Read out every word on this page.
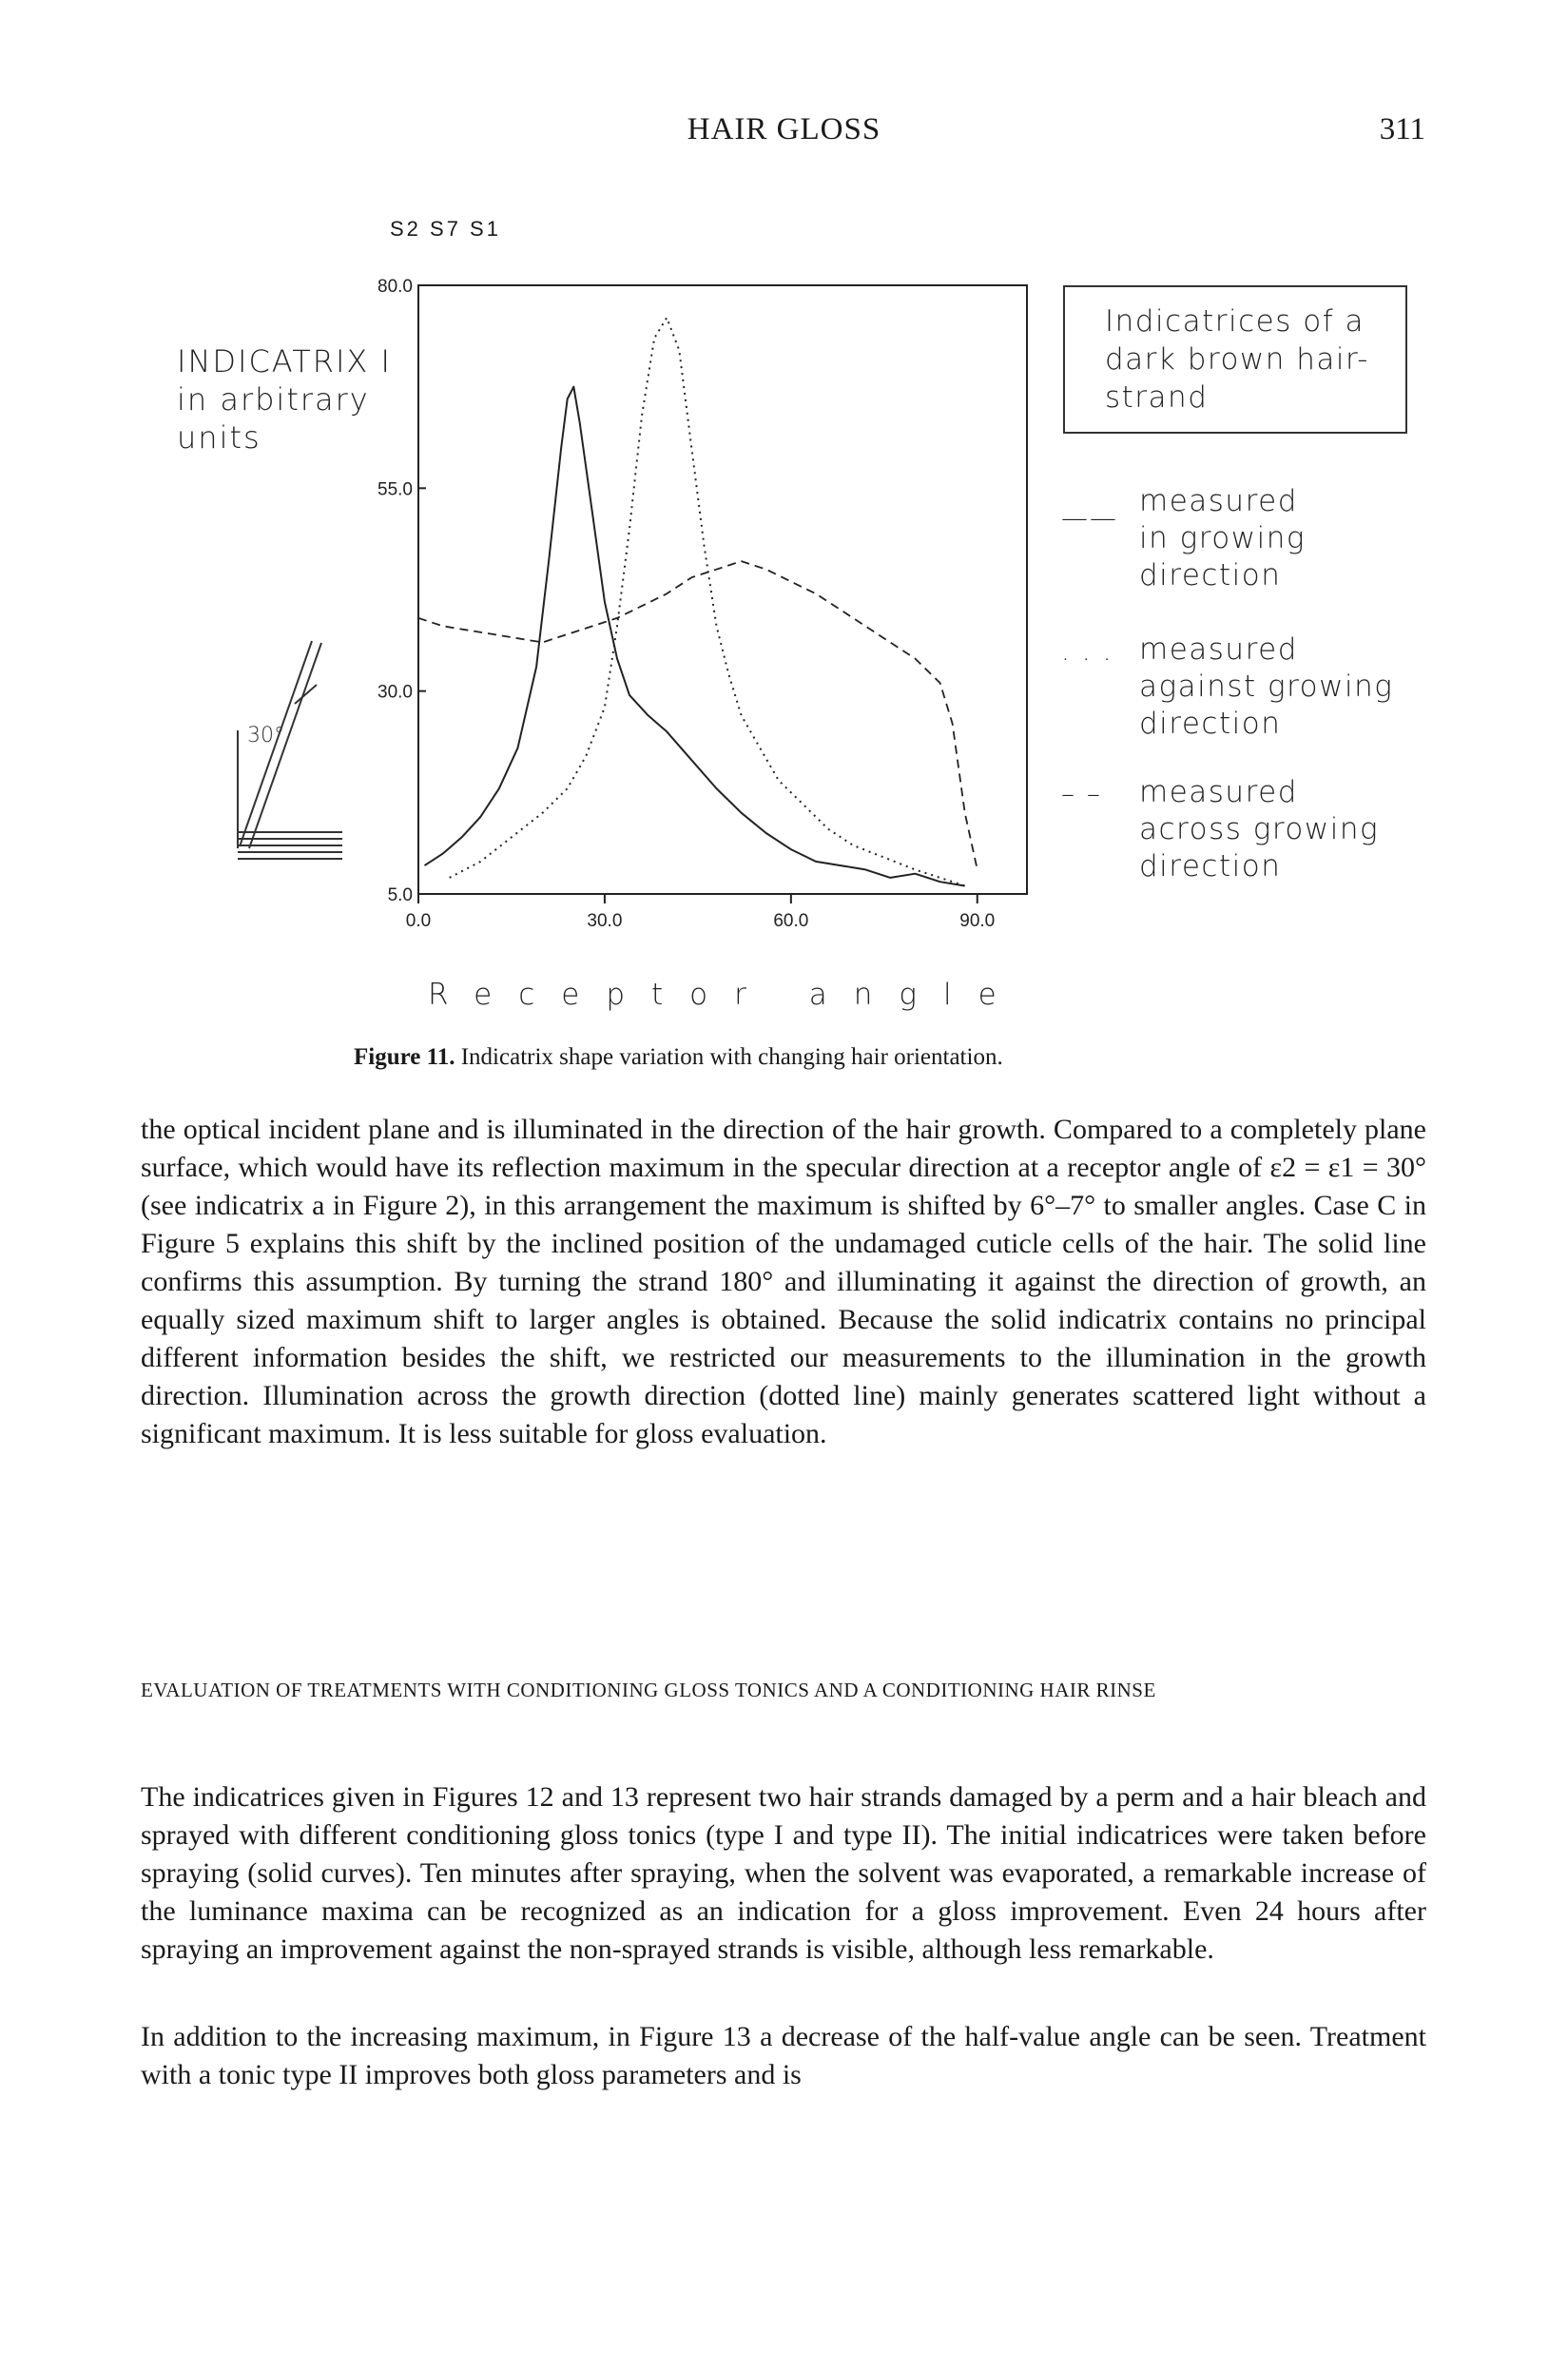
HAIR GLOSS	311
INDICATRIX I
in arbitrary
units
S2 S7 S1
30°
5.0
30.0
55.0
80.0
0.0	30.0	60.0	90.0
Indicatrices of a dark brown hair-strand
—— measured
in growing
direction
. . . measured
against growing
direction
– – measured
across growing
direction
Receptor angle
Figure 11. Indicatrix shape variation with changing hair orientation.
the optical incident plane and is illuminated in the direction of the hair growth. Compared to a completely plane surface, which would have its reflection maximum in the specular direction at a receptor angle of ε2 = ε1 = 30° (see indicatrix a in Figure 2), in this arrangement the maximum is shifted by 6°–7° to smaller angles. Case C in Figure 5 explains this shift by the inclined position of the undamaged cuticle cells of the hair. The solid line confirms this assumption. By turning the strand 180° and illuminating it against the direction of growth, an equally sized maximum shift to larger angles is obtained. Because the solid indicatrix contains no principal different information besides the shift, we restricted our measurements to the illumination in the growth direction. Illumination across the growth direction (dotted line) mainly generates scattered light without a significant maximum. It is less suitable for gloss evaluation.
EVALUATION OF TREATMENTS WITH CONDITIONING GLOSS TONICS AND A CONDITIONING HAIR RINSE
The indicatrices given in Figures 12 and 13 represent two hair strands damaged by a perm and a hair bleach and sprayed with different conditioning gloss tonics (type I and type II). The initial indicatrices were taken before spraying (solid curves). Ten minutes after spraying, when the solvent was evaporated, a remarkable increase of the luminance maxima can be recognized as an indication for a gloss improvement. Even 24 hours after spraying an improvement against the non-sprayed strands is visible, although less remarkable.
In addition to the increasing maximum, in Figure 13 a decrease of the half-value angle can be seen. Treatment with a tonic type II improves both gloss parameters and is
